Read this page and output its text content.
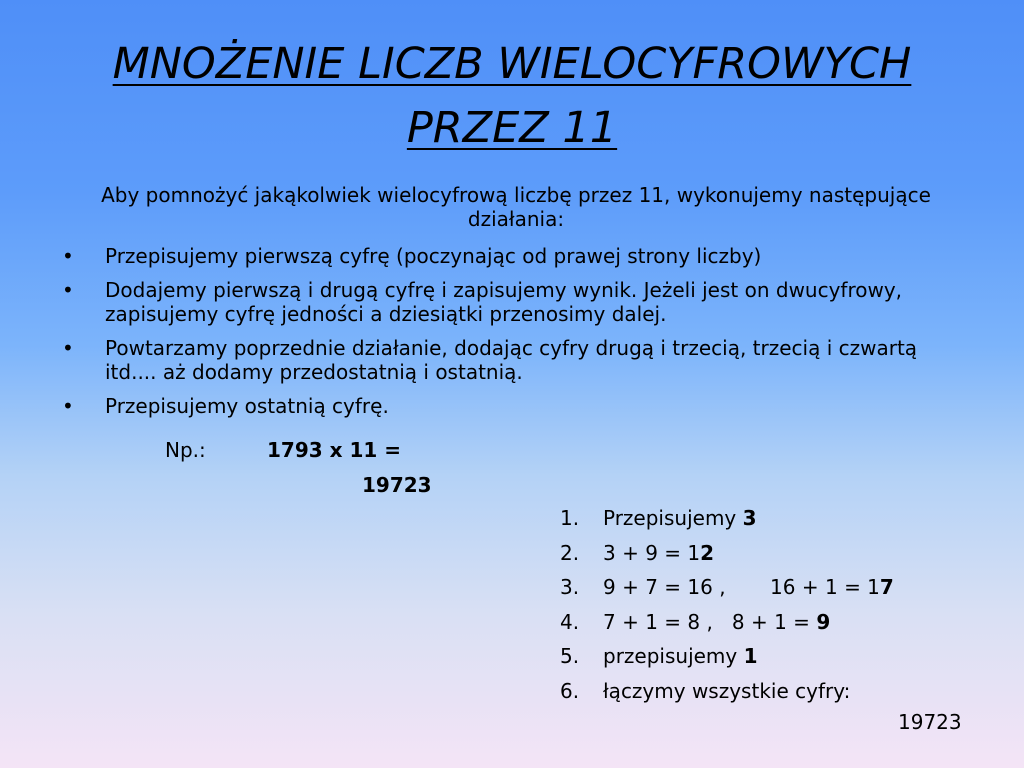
MNOŻENIE LICZB WIELOCYFROWYCH
PRZEZ 11
Aby pomnożyć jakąkolwiek wielocyfrową liczbę przez 11, wykonujemy następujące działania:
• Przepisujemy pierwszą cyfrę (poczynając od prawej strony liczby)
• Dodajemy pierwszą i drugą cyfrę i zapisujemy wynik. Jeżeli jest on dwucyfrowy, zapisujemy cyfrę jedności a dziesiątki przenosimy dalej.
• Powtarzamy poprzednie działanie, dodając cyfry drugą i trzecią, trzecią i czwartą itd.... aż dodamy przedostatnią i ostatnią.
• Przepisujemy ostatnią cyfrę.
Np.:	1793 x 11 =
19723
1. Przepisujemy 3
2. 3 + 9 = 12
3. 9 + 7 = 16 ,       16 + 1 = 17
4. 7 + 1 = 8 ,   8 + 1 = 9
5. przepisujemy 1
6. łączymy wszystkie cyfry:
19723
